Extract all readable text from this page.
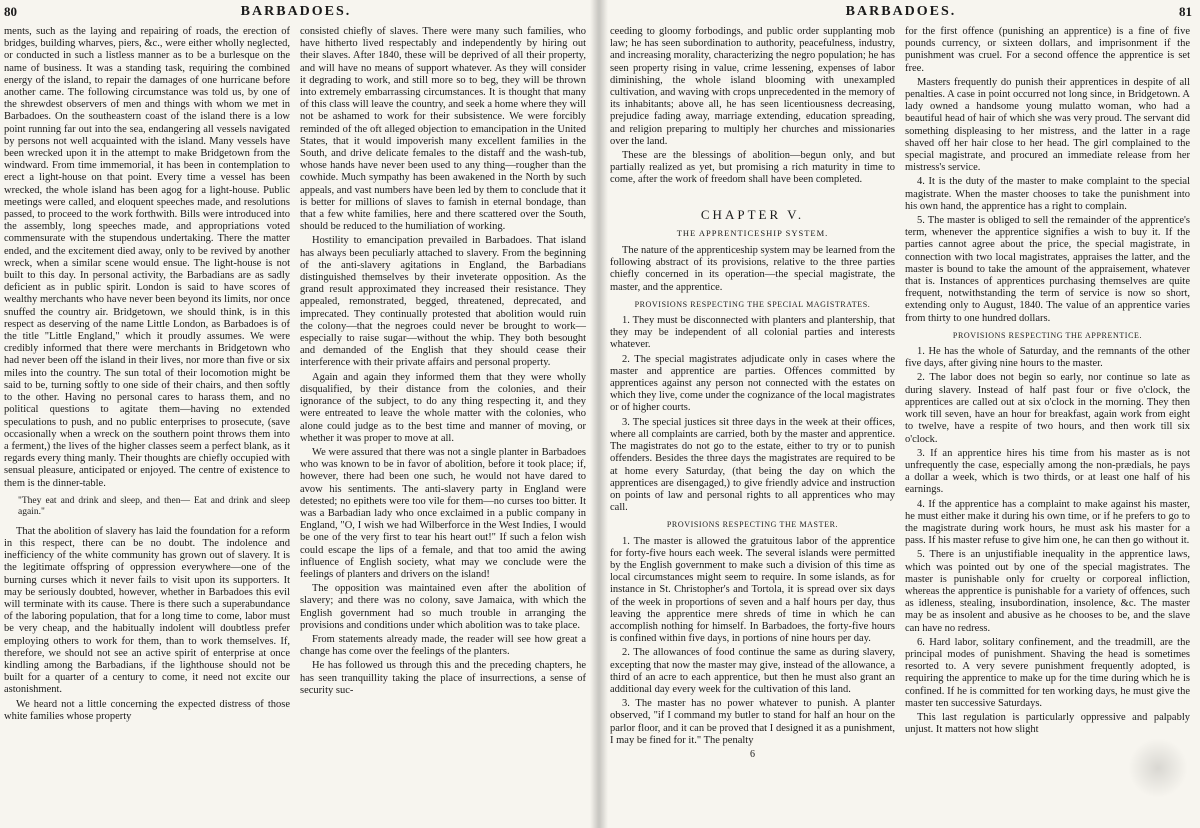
80	BARBADOES.

ments, such as the laying and repairing of roads, the erection of bridges, building wharves, piers, &c., were either wholly neglected, or conducted in such a listless manner as to be a burlesque on the name of business. It was a standing task, requiring the combined energy of the island, to repair the damages of one hurricane before another came. The following circumstance was told us, by one of the shrewdest observers of men and things with whom we met in Barbadoes. On the southeastern coast of the island there is a low point running far out into the sea, endangering all vessels navigated by persons not well acquainted with the island. Many vessels have been wrecked upon it in the attempt to make Bridgetown from the windward. From time immemorial, it has been in contemplation to erect a light-house on that point. Every time a vessel has been wrecked, the whole island has been agog for a light-house. Public meetings were called, and eloquent speeches made, and resolutions passed, to proceed to the work forthwith. Bills were introduced into the assembly, long speeches made, and appropriations voted commensurate with the stupendous undertaking. There the matter ended, and the excitement died away, only to be revived by another wreck, when a similar scene would ensue. The light-house is not built to this day. In personal activity, the Barbadians are as sadly deficient as in public spirit. London is said to have scores of wealthy merchants who have never been beyond its limits, nor once snuffed the country air. Bridgetown, we should think, is in this respect as deserving of the name Little London, as Barbadoes is of the title "Little England," which it proudly assumes. We were credibly informed that there were merchants in Bridgetown who had never been off the island in their lives, nor more than five or six miles into the country. The sun total of their locomotion might be said to be, turning softly to one side of their chairs, and then softly to the other. Having no personal cares to harass them, and no political questions to agitate them—having no extended speculations to push, and no public enterprises to prosecute, (save occasionally when a wreck on the southern point throws them into a ferment,) the lives of the higher classes seem a perfect blank, as it regards every thing manly. Their thoughts are chiefly occupied with sensual pleasure, anticipated or enjoyed. The centre of existence to them is the dinner-table.

"They eat and drink and sleep, and then— Eat and drink and sleep again."

That the abolition of slavery has laid the foundation for a reform in this respect, there can be no doubt. The indolence and inefficiency of the white community has grown out of slavery. It is the legitimate offspring of oppression everywhere—one of the burning curses which it never fails to visit upon its supporters. It may be seriously doubted, however, whether in Barbadoes this evil will terminate with its cause. There is there such a superabundance of the laboring population, that for a long time to come, labor must be very cheap, and the habitually indolent will doubtless prefer employing others to work for them, than to work themselves. If, therefore, we should not see an active spirit of enterprise at once kindling among the Barbadians, if the lighthouse should not be built for a quarter of a century to come, it need not excite our astonishment.

We heard not a little concerning the expected distress of those white families whose property

consisted chiefly of slaves. There were many such families, who have hitherto lived respectably and independently by hiring out their slaves. After 1840, these will be deprived of all their property, and will have no means of support whatever. As they will consider it degrading to work, and still more so to beg, they will be thrown into extremely embarrassing circumstances. It is thought that many of this class will leave the country, and seek a home where they will not be ashamed to work for their subsistence. We were forcibly reminded of the oft alleged objection to emancipation in the United States, that it would impoverish many excellent families in the South, and drive delicate females to the distaff and the wash-tub, whose hands have never been used to any thing—rougher than the cowhide. Much sympathy has been awakened in the North by such appeals, and vast numbers have been led by them to conclude that it is better for millions of slaves to famish in eternal bondage, than that a few white families, here and there scattered over the South, should be reduced to the humiliation of working.

Hostility to emancipation prevailed in Barbadoes. That island has always been peculiarly attached to slavery. From the beginning of the anti-slavery agitations in England, the Barbadians distinguished themselves by their inveterate opposition. As the grand result approximated they increased their resistance. They appealed, remonstrated, begged, threatened, deprecated, and imprecated. They continually protested that abolition would ruin the colony—that the negroes could never be brought to work—especially to raise sugar—without the whip. They both besought and demanded of the English that they should cease their interference with their private affairs and personal property.

Again and again they informed them that they were wholly disqualified, by their distance from the colonies, and their ignorance of the subject, to do any thing respecting it, and they were entreated to leave the whole matter with the colonies, who alone could judge as to the best time and manner of moving, or whether it was proper to move at all.

We were assured that there was not a single planter in Barbadoes who was known to be in favor of abolition, before it took place; if, however, there had been one such, he would not have dared to avow his sentiments. The anti-slavery party in England were detested; no epithets were too vile for them—no curses too bitter. It was a Barbadian lady who once exclaimed in a public company in England, "O, I wish we had Wilberforce in the West Indies, I would be one of the very first to tear his heart out!" If such a felon wish could escape the lips of a female, and that too amid the awing influence of English society, what may we conclude were the feelings of planters and drivers on the island!

The opposition was maintained even after the abolition of slavery; and there was no colony, save Jamaica, with which the English government had so much trouble in arranging the provisions and conditions under which abolition was to take place.

From statements already made, the reader will see how great a change has come over the feelings of the planters.

He has followed us through this and the preceding chapters, he has seen tranquillity taking the place of insurrections, a sense of security suc-

BARBADOES.	81

ceeding to gloomy forbodings, and public order supplanting mob law; he has seen subordination to authority, peacefulness, industry, and increasing morality, characterizing the negro population; he has seen property rising in value, crime lessening, expenses of labor diminishing, the whole island blooming with unexampled cultivation, and waving with crops unprecedented in the memory of its inhabitants; above all, he has seen licentiousness decreasing, prejudice fading away, marriage extending, education spreading, and religion preparing to multiply her churches and missionaries over the land.

These are the blessings of abolition—begun only, and but partially realized as yet, but promising a rich maturity in time to come, after the work of freedom shall have been completed.

CHAPTER V.
THE APPRENTICESHIP SYSTEM.

The nature of the apprenticeship system may be learned from the following abstract of its provisions, relative to the three parties chiefly concerned in its operation—the special magistrate, the master, and the apprentice.

PROVISIONS RESPECTING THE SPECIAL MAGISTRATES.

1. They must be disconnected with planters and plantership, that they may be independent of all colonial parties and interests whatever.

2. The special magistrates adjudicate only in cases where the master and apprentice are parties. Offences committed by apprentices against any person not connected with the estates on which they live, come under the cognizance of the local magistrates or of higher courts.

3. The special justices sit three days in the week at their offices, where all complaints are carried, both by the master and apprentice. The magistrates do not go to the estate, either to try or to punish offenders. Besides the three days the magistrates are required to be at home every Saturday, (that being the day on which the apprentices are disengaged,) to give friendly advice and instruction on points of law and personal rights to all apprentices who may call.

PROVISIONS RESPECTING THE MASTER.

1. The master is allowed the gratuitous labor of the apprentice for forty-five hours each week. The several islands were permitted by the English government to make such a division of this time as local circumstances might seem to require. In some islands, as for instance in St. Christopher's and Tortola, it is spread over six days of the week in proportions of seven and a half hours per day, thus leaving the apprentice mere shreds of time in which he can accomplish nothing for himself. In Barbadoes, the forty-five hours is confined within five days, in portions of nine hours per day.

2. The allowances of food continue the same as during slavery, excepting that now the master may give, instead of the allowance, a third of an acre to each apprentice, but then he must also grant an additional day every week for the cultivation of this land.

3. The master has no power whatever to punish. A planter observed, "if I command my butler to stand for half an hour on the parlor floor, and it can be proved that I designed it as a punishment, I may be fined for it." The penalty

6

for the first offence (punishing an apprentice) is a fine of five pounds currency, or sixteen dollars, and imprisonment if the punishment was cruel. For a second offence the apprentice is set free.

Masters frequently do punish their apprentices in despite of all penalties. A case in point occurred not long since, in Bridgetown. A lady owned a handsome young mulatto woman, who had a beautiful head of hair of which she was very proud. The servant did something displeasing to her mistress, and the latter in a rage shaved off her hair close to her head. The girl complained to the special magistrate, and procured an immediate release from her mistress's service.

4. It is the duty of the master to make complaint to the special magistrate. When the master chooses to take the punishment into his own hand, the apprentice has a right to complain.

5. The master is obliged to sell the remainder of the apprentice's term, whenever the apprentice signifies a wish to buy it. If the parties cannot agree about the price, the special magistrate, in connection with two local magistrates, appraises the latter, and the master is bound to take the amount of the appraisement, whatever that is. Instances of apprentices purchasing themselves are quite frequent, notwithstanding the term of service is now so short, extending only to August, 1840. The value of an apprentice varies from thirty to one hundred dollars.

PROVISIONS RESPECTING THE APPRENTICE.

1. He has the whole of Saturday, and the remnants of the other five days, after giving nine hours to the master.

2. The labor does not begin so early, nor continue so late as during slavery. Instead of half past four or five o'clock, the apprentices are called out at six o'clock in the morning. They then work till seven, have an hour for breakfast, again work from eight to twelve, have a respite of two hours, and then work till six o'clock.

3. If an apprentice hires his time from his master as is not unfrequently the case, especially among the non-prædials, he pays a dollar a week, which is two thirds, or at least one half of his earnings.

4. If the apprentice has a complaint to make against his master, he must either make it during his own time, or if he prefers to go to the magistrate during work hours, he must ask his master for a pass. If his master refuse to give him one, he can then go without it.

5. There is an unjustifiable inequality in the apprentice laws, which was pointed out by one of the special magistrates. The master is punishable only for cruelty or corporeal infliction, whereas the apprentice is punishable for a variety of offences, such as idleness, stealing, insubordination, insolence, &c. The master may be as insolent and abusive as he chooses to be, and the slave can have no redress.

6. Hard labor, solitary confinement, and the treadmill, are the principal modes of punishment. Shaving the head is sometimes resorted to. A very severe punishment frequently adopted, is requiring the apprentice to make up for the time during which he is confined. If he is committed for ten working days, he must give the master ten successive Saturdays.

This last regulation is particularly oppressive and palpably unjust. It matters not how slight
